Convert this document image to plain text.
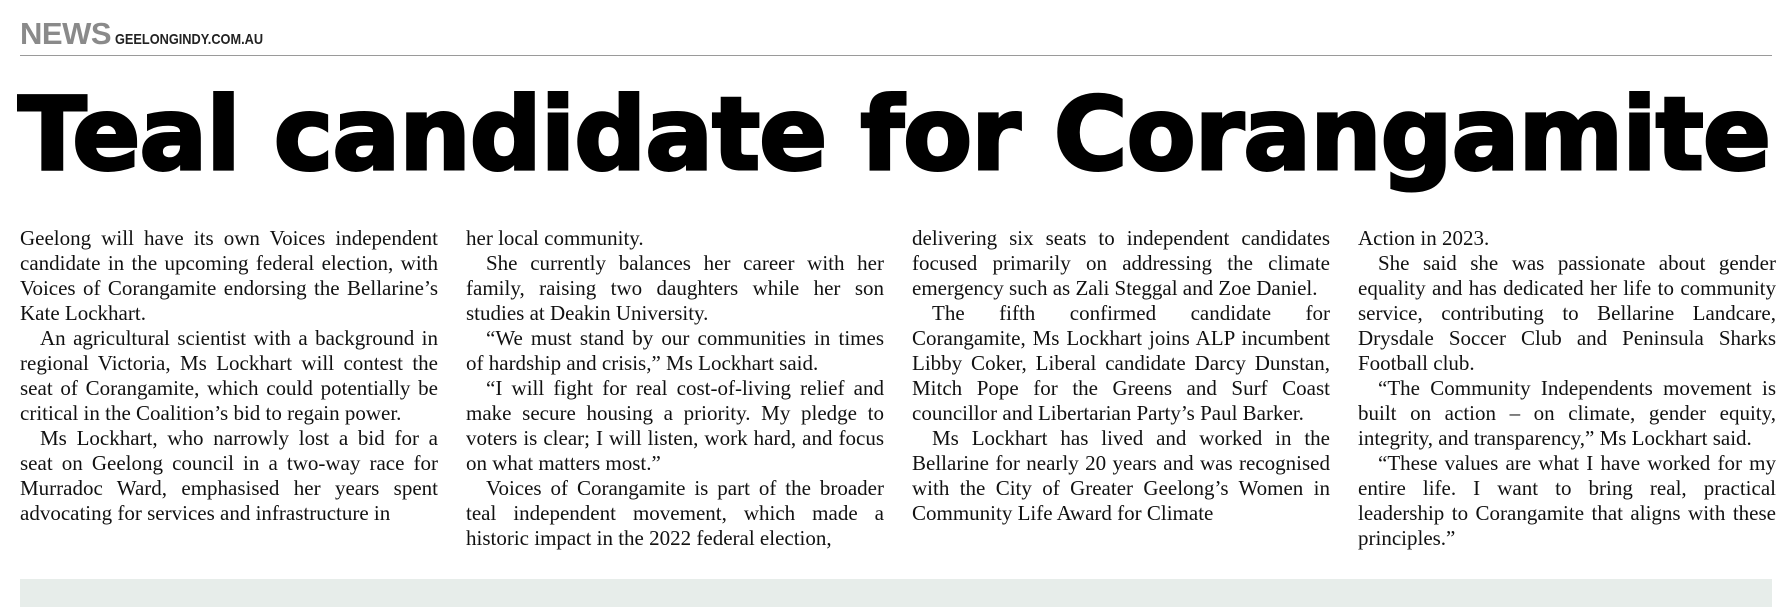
NEWS GEELONGINDY.COM.AU
Teal candidate for Corangamite

Geelong will have its own Voices independent candidate in the upcoming federal election, with Voices of Corangamite endorsing the Bellarine’s Kate Lockhart.

An agricultural scientist with a background in regional Victoria, Ms Lockhart will contest the seat of Corangamite, which could potentially be critical in the Coalition’s bid to regain power.

Ms Lockhart, who narrowly lost a bid for a seat on Geelong council in a two-way race for Murradoc Ward, emphasised her years spent advocating for services and infrastructure in

her local community.

She currently balances her career with her family, raising two daughters while her son studies at Deakin University.

“We must stand by our communities in times of hardship and crisis,” Ms Lockhart said.

“I will fight for real cost-of-living relief and make secure housing a priority. My pledge to voters is clear; I will listen, work hard, and focus on what matters most.”

Voices of Corangamite is part of the broader teal independent movement, which made a historic impact in the 2022 federal election,

delivering six seats to independent candidates focused primarily on addressing the climate emergency such as Zali Steggal and Zoe Daniel.

The fifth confirmed candidate for Corangamite, Ms Lockhart joins ALP incumbent Libby Coker, Liberal candidate Darcy Dunstan, Mitch Pope for the Greens and Surf Coast councillor and Libertarian Party’s Paul Barker.

Ms Lockhart has lived and worked in the Bellarine for nearly 20 years and was recognised with the City of Greater Geelong’s Women in Community Life Award for Climate

Action in 2023.

She said she was passionate about gender equality and has dedicated her life to community service, contributing to Bellarine Landcare, Drysdale Soccer Club and Peninsula Sharks Football club.

“The Community Independents movement is built on action – on climate, gender equity, integrity, and transparency,” Ms Lockhart said.

“These values are what I have worked for my entire life. I want to bring real, practical leadership to Corangamite that aligns with these principles.”
